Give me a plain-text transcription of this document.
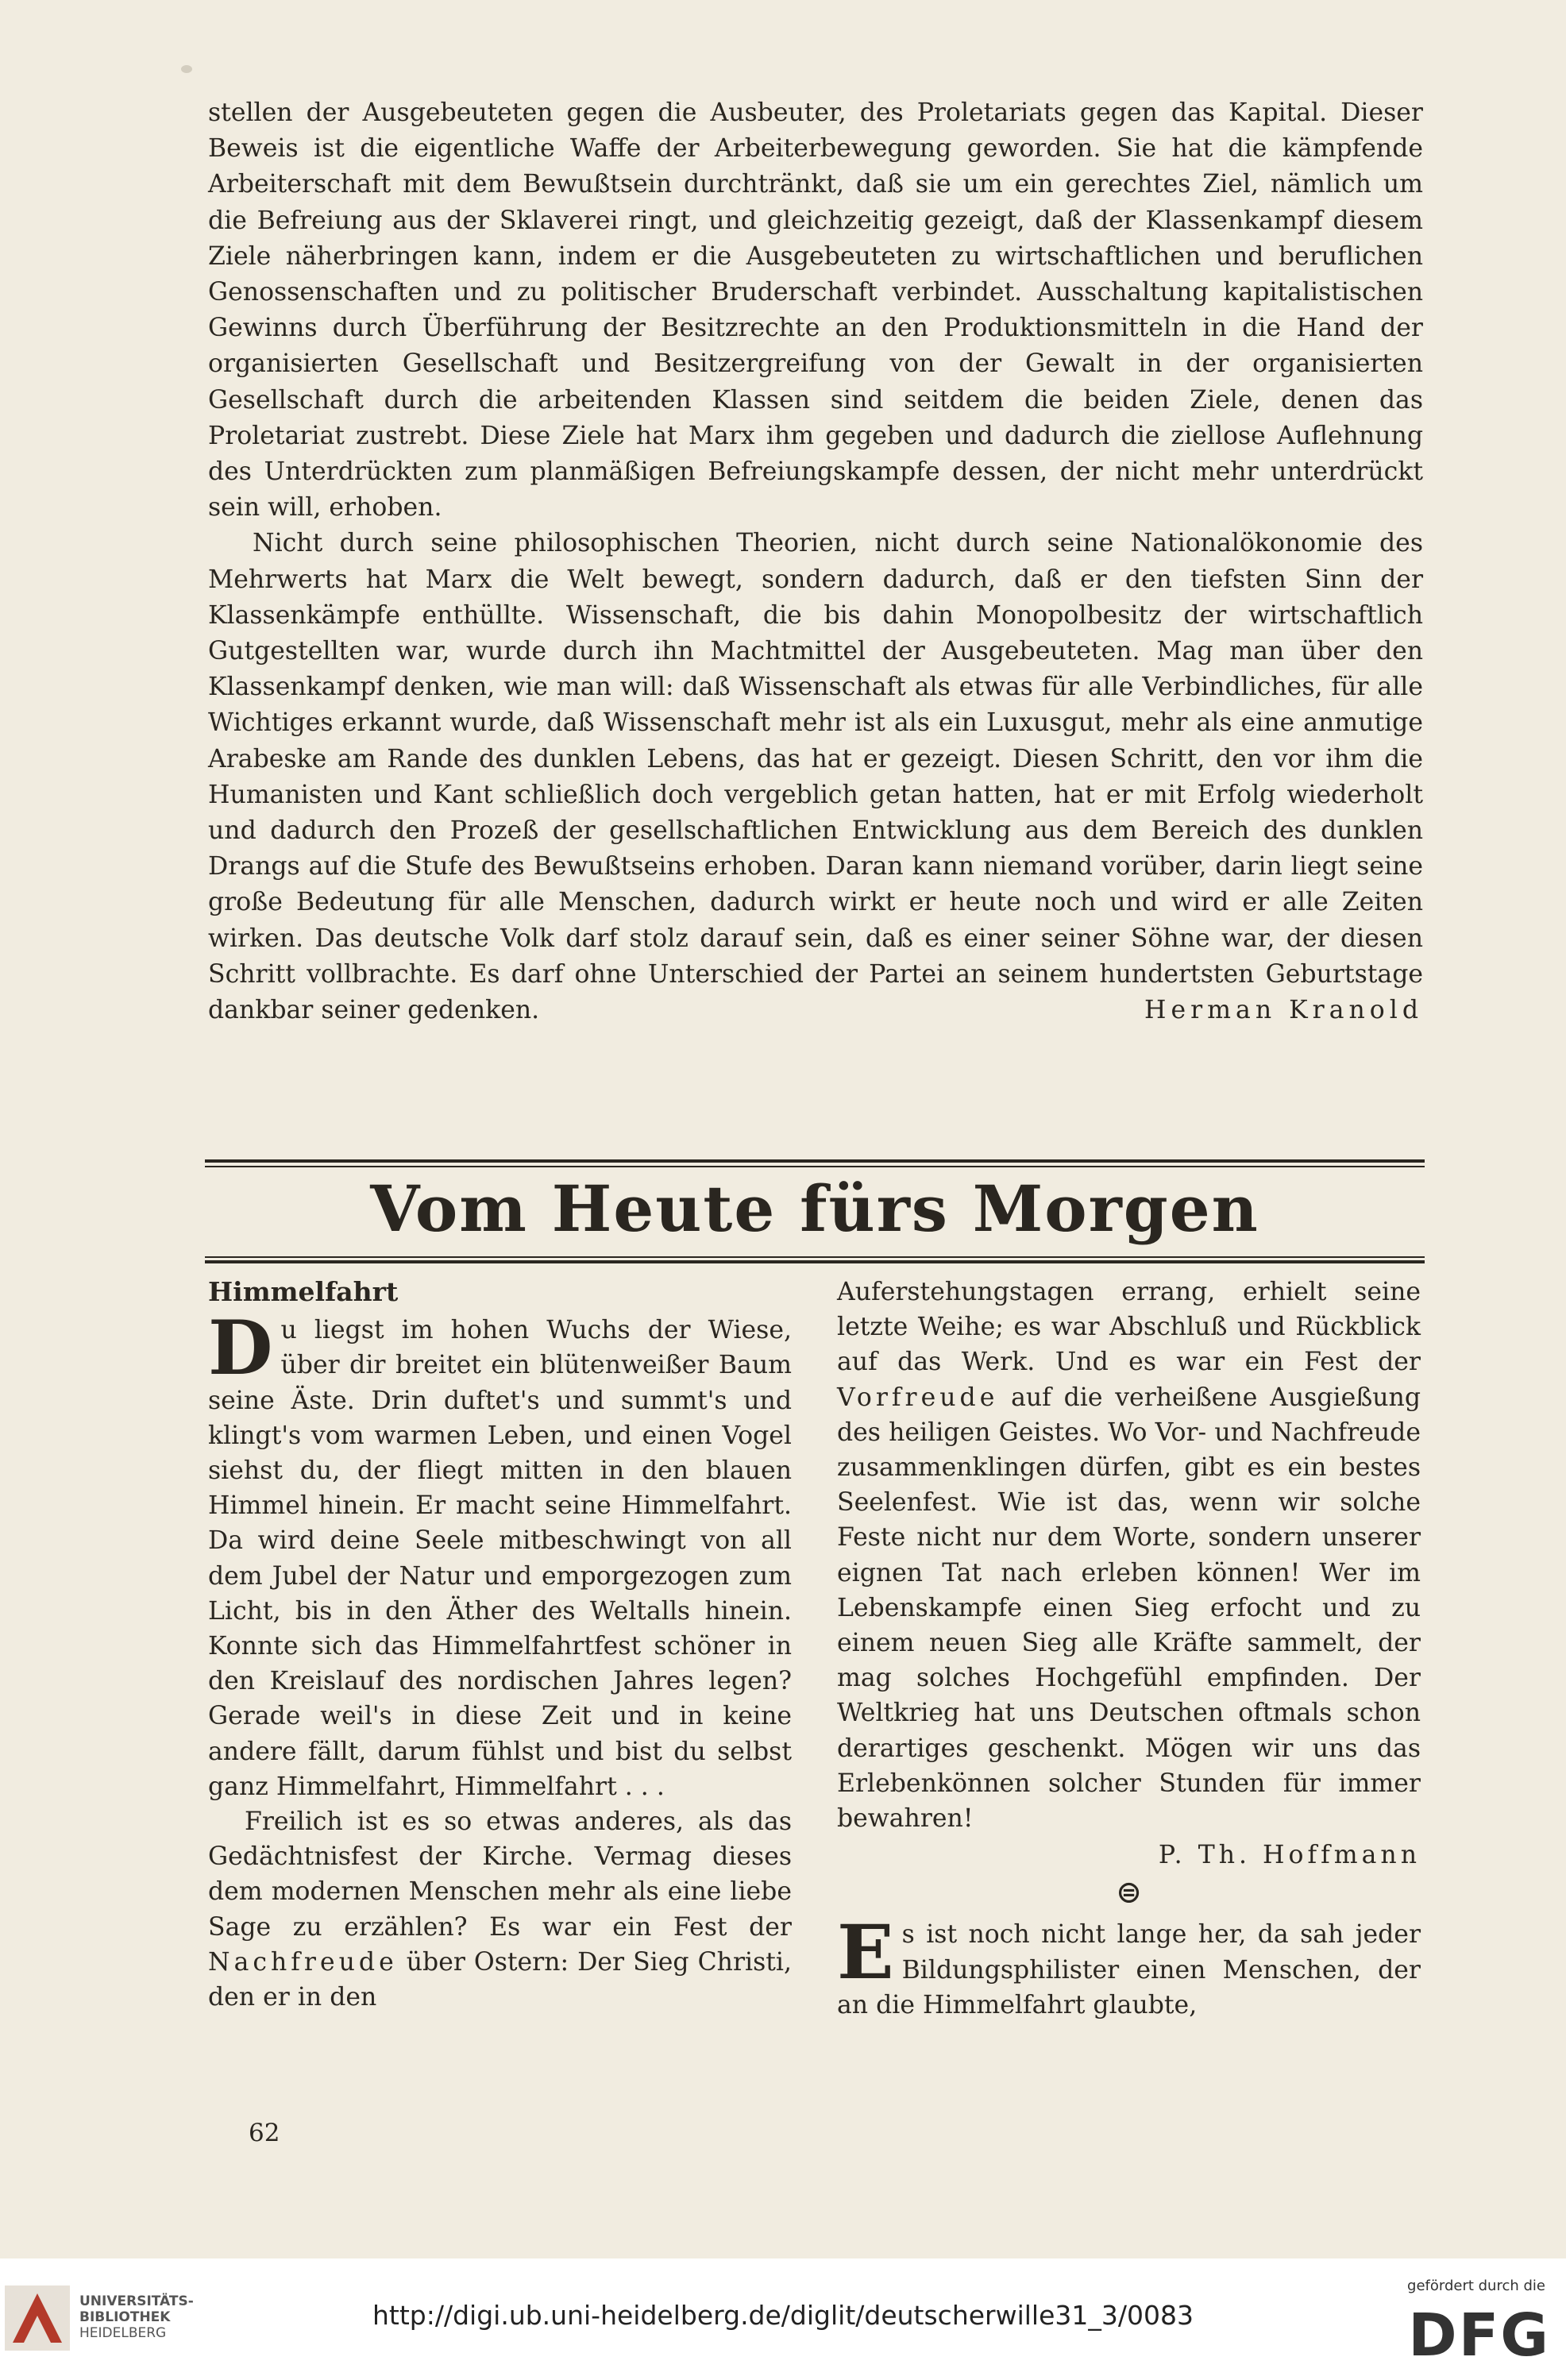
stellen der Ausgebeuteten gegen die Ausbeuter, des Proletariats gegen das Kapital. Dieser Beweis ist die eigentliche Waffe der Arbeiterbewegung geworden. Sie hat die kämpfende Arbeiterschaft mit dem Bewußtsein durchtränkt, daß sie um ein gerechtes Ziel, nämlich um die Befreiung aus der Sklaverei ringt, und gleichzeitig gezeigt, daß der Klassenkampf diesem Ziele näherbringen kann, indem er die Ausgebeuteten zu wirtschaftlichen und beruflichen Genossenschaften und zu politischer Bruderschaft verbindet. Ausschaltung kapitalistischen Gewinns durch Überführung der Besitzrechte an den Produktionsmitteln in die Hand der organisierten Gesellschaft und Besitzergreifung von der Gewalt in der organisierten Gesellschaft durch die arbeitenden Klassen sind seitdem die beiden Ziele, denen das Proletariat zustrebt. Diese Ziele hat Marx ihm gegeben und dadurch die ziellose Auflehnung des Unterdrückten zum planmäßigen Befreiungskampfe dessen, der nicht mehr unterdrückt sein will, erhoben.

Nicht durch seine philosophischen Theorien, nicht durch seine Nationalökonomie des Mehrwerts hat Marx die Welt bewegt, sondern dadurch, daß er den tiefsten Sinn der Klassenkämpfe enthüllte. Wissenschaft, die bis dahin Monopolbesitz der wirtschaftlich Gutgestellten war, wurde durch ihn Machtmittel der Ausgebeuteten. Mag man über den Klassenkampf denken, wie man will: daß Wissenschaft als etwas für alle Verbindliches, für alle Wichtiges erkannt wurde, daß Wissenschaft mehr ist als ein Luxusgut, mehr als eine anmutige Arabeske am Rande des dunklen Lebens, das hat er gezeigt. Diesen Schritt, den vor ihm die Humanisten und Kant schließlich doch vergeblich getan hatten, hat er mit Erfolg wiederholt und dadurch den Prozeß der gesellschaftlichen Entwicklung aus dem Bereich des dunklen Drangs auf die Stufe des Bewußtseins erhoben. Daran kann niemand vorüber, darin liegt seine große Bedeutung für alle Menschen, dadurch wirkt er heute noch und wird er alle Zeiten wirken. Das deutsche Volk darf stolz darauf sein, daß es einer seiner Söhne war, der diesen Schritt vollbrachte. Es darf ohne Unterschied der Partei an seinem hundertsten Geburtstage dankbar seiner gedenken.	Herman Kranold

Vom Heute fürs Morgen
Himmelfahrt

Du liegst im hohen Wuchs der Wiese, über dir breitet ein blütenweißer Baum seine Äste. Drin duftet's und summt's und klingt's vom warmen Leben, und einen Vogel siehst du, der fliegt mitten in den blauen Himmel hinein. Er macht seine Himmelfahrt. Da wird deine Seele mitbeschwingt von all dem Jubel der Natur und emporgezogen zum Licht, bis in den Äther des Weltalls hinein. Konnte sich das Himmelfahrtfest schöner in den Kreislauf des nordischen Jahres legen? Gerade weil's in diese Zeit und in keine andere fällt, darum fühlst und bist du selbst ganz Himmelfahrt, Himmelfahrt . . .

Freilich ist es so etwas anderes, als das Gedächtnisfest der Kirche. Vermag dieses dem modernen Menschen mehr als eine liebe Sage zu erzählen? Es war ein Fest der Nachfreude über Ostern: Der Sieg Christi, den er in den

Auferstehungstagen errang, erhielt seine letzte Weihe; es war Abschluß und Rückblick auf das Werk. Und es war ein Fest der Vorfreude auf die verheißene Ausgießung des heiligen Geistes. Wo Vor- und Nachfreude zusammenklingen dürfen, gibt es ein bestes Seelenfest. Wie ist das, wenn wir solche Feste nicht nur dem Worte, sondern unserer eignen Tat nach erleben können! Wer im Lebenskampfe einen Sieg erfocht und zu einem neuen Sieg alle Kräfte sammelt, der mag solches Hochgefühl empfinden. Der Weltkrieg hat uns Deutschen oftmals schon derartiges geschenkt. Mögen wir uns das Erlebenkönnen solcher Stunden für immer bewahren!

P. Th. Hoffmann
⊜

Es ist noch nicht lange her, da sah jeder Bildungsphilister einen Menschen, der an die Himmelfahrt glaubte,

62
UNIVERSITÄTS-
BIBLIOTHEK
HEIDELBERG
http://digi.ub.uni-heidelberg.de/diglit/deutscherwille31_3/0083
gefördert durch die
DFG
